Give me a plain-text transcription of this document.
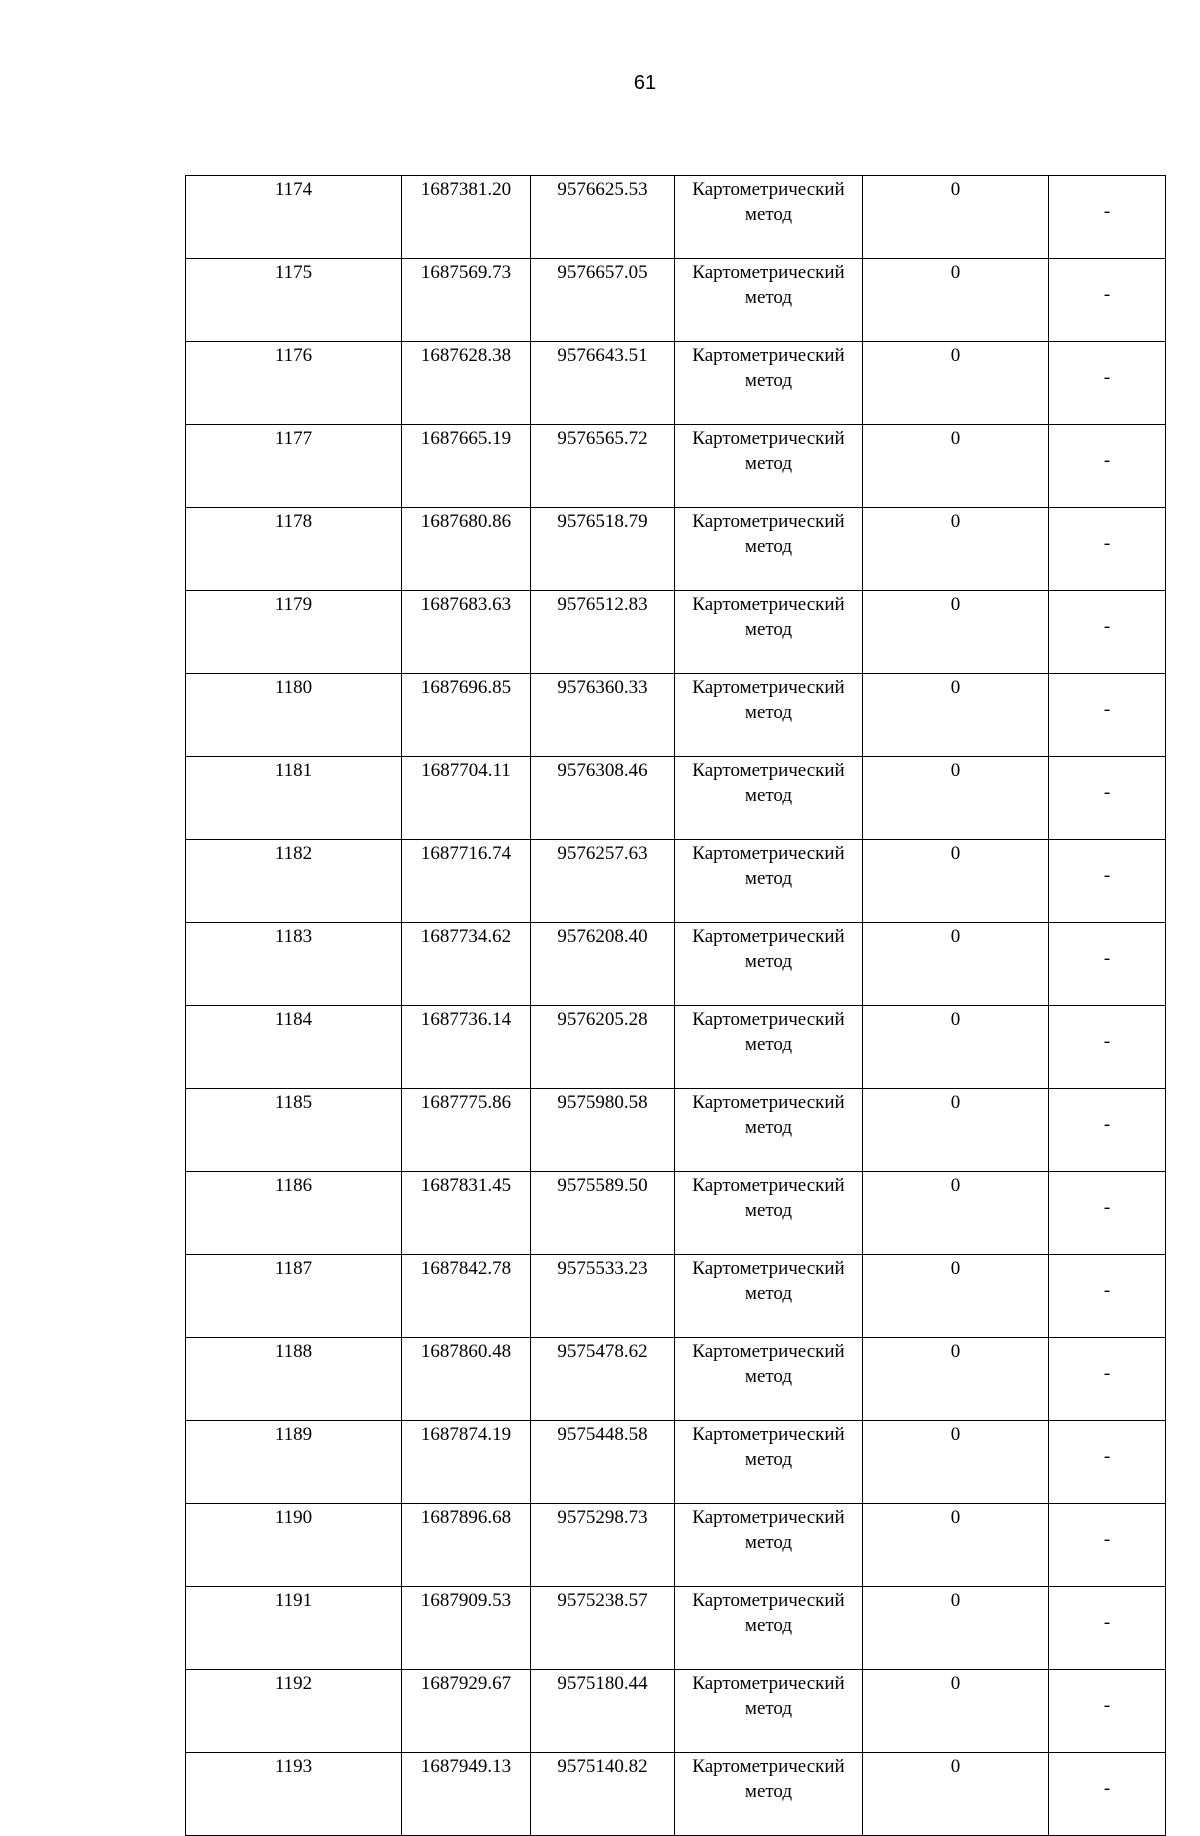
61
1174	1687381.20	9576625.53	Картометрический метод	0	-

1175	1687569.73	9576657.05	Картометрический метод	0	-

1176	1687628.38	9576643.51	Картометрический метод	0	-

1177	1687665.19	9576565.72	Картометрический метод	0	-

1178	1687680.86	9576518.79	Картометрический метод	0	-

1179	1687683.63	9576512.83	Картометрический метод	0	-

1180	1687696.85	9576360.33	Картометрический метод	0	-

1181	1687704.11	9576308.46	Картометрический метод	0	-

1182	1687716.74	9576257.63	Картометрический метод	0	-

1183	1687734.62	9576208.40	Картометрический метод	0	-

1184	1687736.14	9576205.28	Картометрический метод	0	-

1185	1687775.86	9575980.58	Картометрический метод	0	-

1186	1687831.45	9575589.50	Картометрический метод	0	-

1187	1687842.78	9575533.23	Картометрический метод	0	-

1188	1687860.48	9575478.62	Картометрический метод	0	-

1189	1687874.19	9575448.58	Картометрический метод	0	-

1190	1687896.68	9575298.73	Картометрический метод	0	-

1191	1687909.53	9575238.57	Картометрический метод	0	-

1192	1687929.67	9575180.44	Картометрический метод	0	-

1193	1687949.13	9575140.82	Картометрический метод	0	-
